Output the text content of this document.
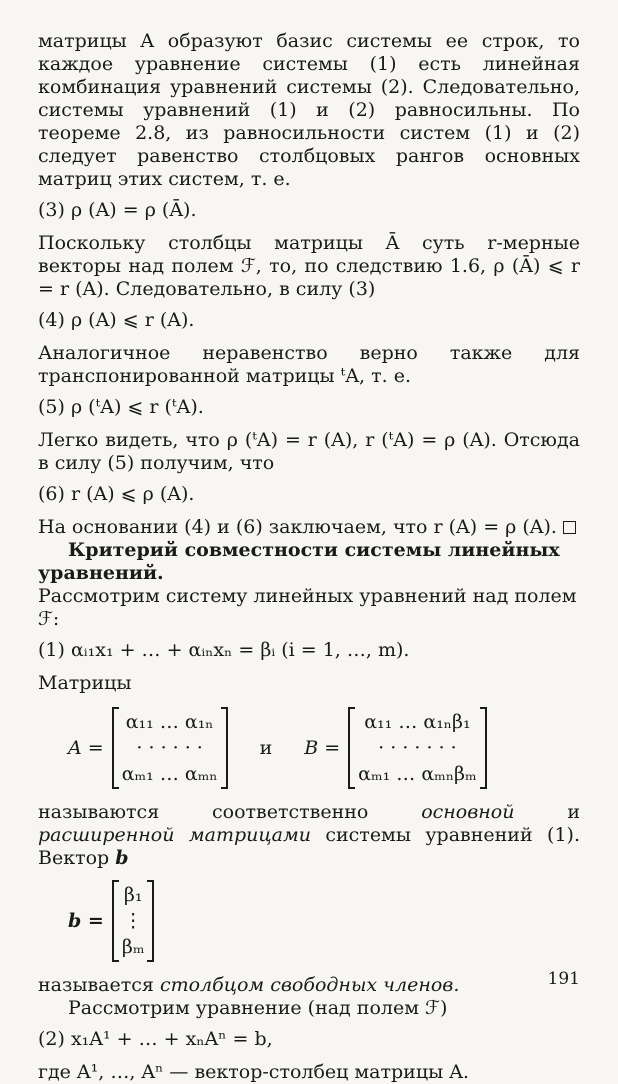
матрицы A образуют базис системы ее строк, то каждое уравнение системы (1) есть линейная комбинация уравнений системы (2). Следовательно, системы уравнений (1) и (2) равносильны. По теореме 2.8, из равносильности систем (1) и (2) следует равенство столбцовых рангов основных матриц этих систем, т. е.

(3) ρ (A) = ρ (Ā).

Поскольку столбцы матрицы Ā суть r-мерные векторы над полем ℱ, то, по следствию 1.6, ρ (Ā) ⩽ r = r (A). Следовательно, в силу (3)

(4) ρ (A) ⩽ r (A).

Аналогичное неравенство верно также для транспонированной матрицы ᵗA, т. е.

(5) ρ (ᵗA) ⩽ r (ᵗA).

Легко видеть, что ρ (ᵗA) = r (A), r (ᵗA) = ρ (A). Отсюда в силу (5) получим, что

(6) r (A) ⩽ ρ (A).

На основании (4) и (6) заключаем, что r (A) = ρ (A).

Критерий совместности системы линейных уравнений.

Рассмотрим систему линейных уравнений над полем ℱ:

(1) αᵢ₁x₁ + … + αᵢₙxₙ = βᵢ (i = 1, …, m).

Матрицы

A =
α₁₁ … α₁ₙ
· · · · · ·
αₘ₁ … αₘₙ
и B =
α₁₁ … α₁ₙβ₁
· · · · · · ·
αₘ₁ … αₘₙβₘ

называются соответственно основной и расширенной матрицами системы уравнений (1). Вектор b

b =
β₁
⋮
βₘ

называется столбцом свободных членов.

Рассмотрим уравнение (над полем ℱ)

(2) x₁A¹ + … + xₙAⁿ = b,

где A¹, …, Aⁿ — вектор-столбец матрицы A.

191
